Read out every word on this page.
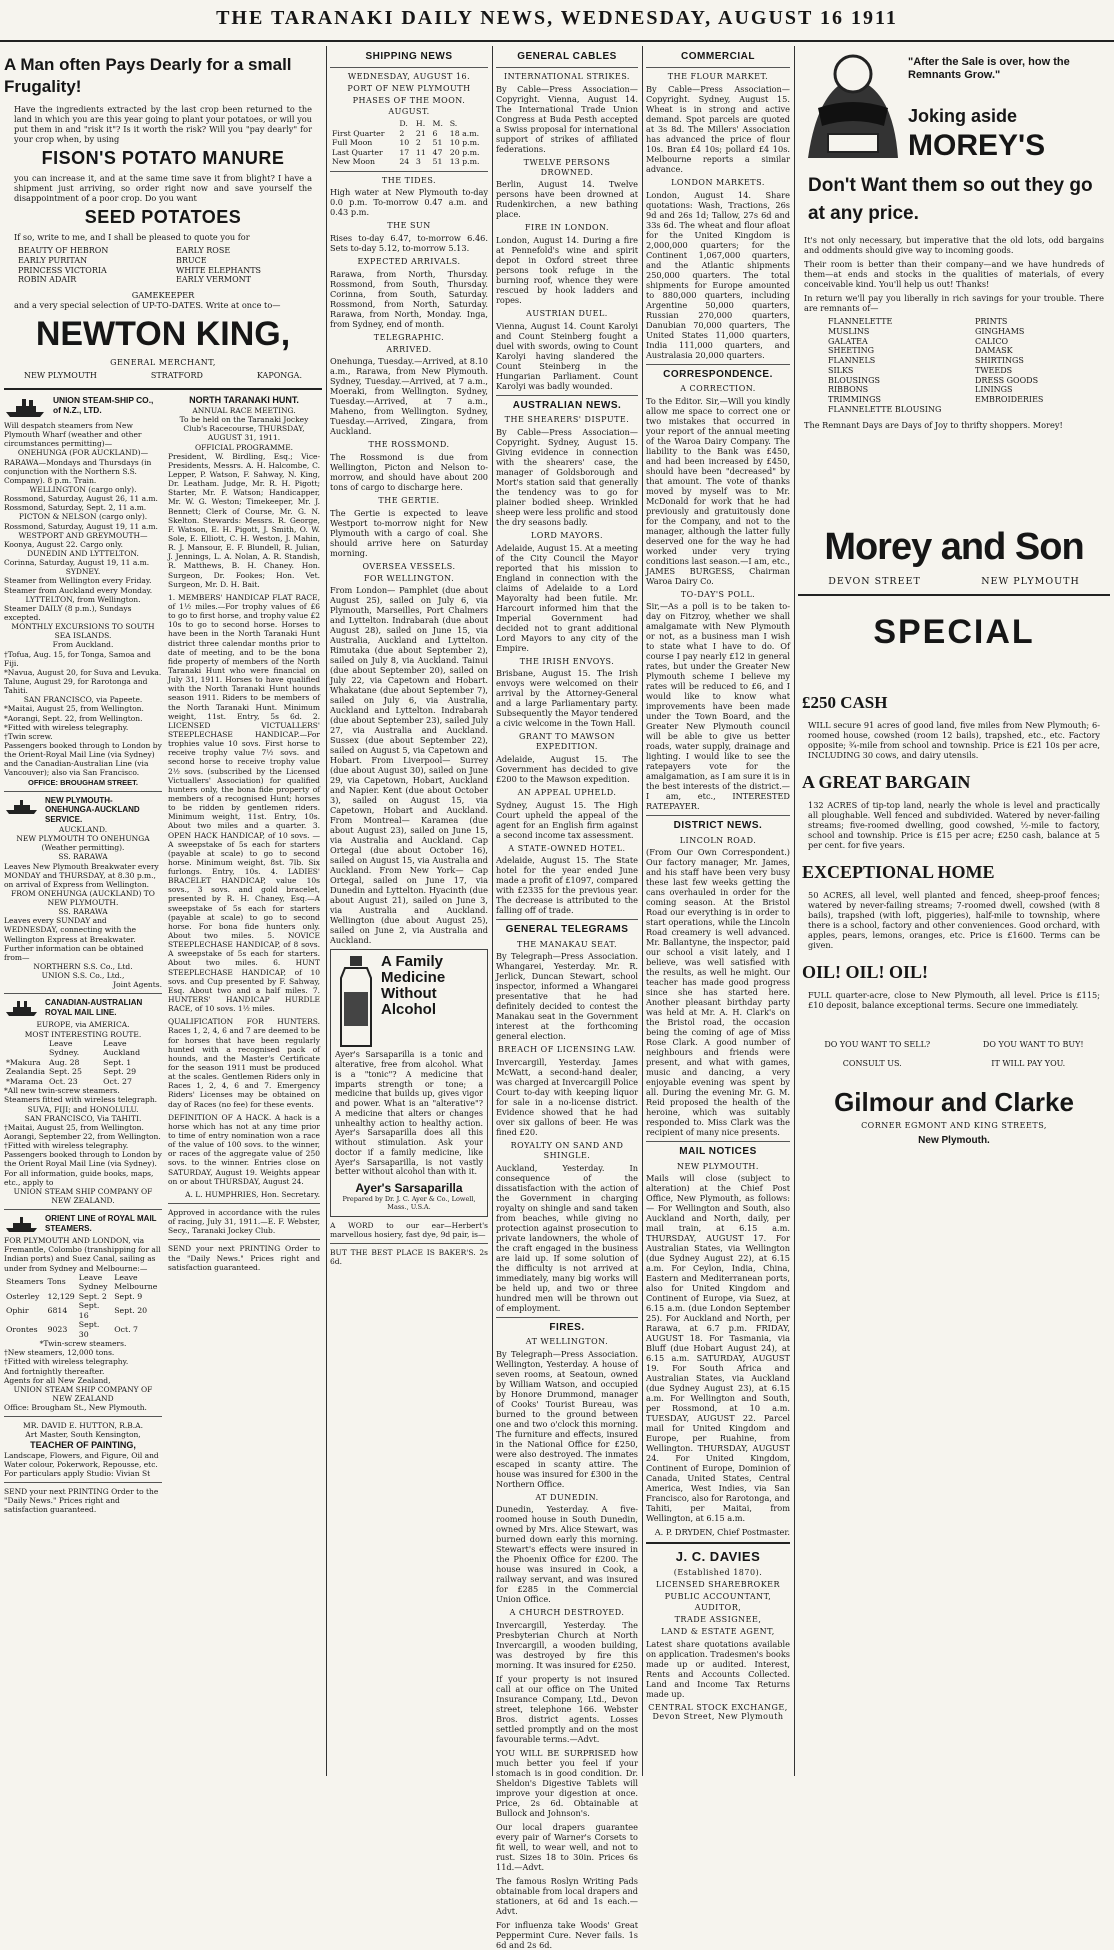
THE TARANAKI DAILY NEWS, WEDNESDAY, AUGUST 16 1911
A Man often Pays Dearly for a small Frugality!

Have the ingredients extracted by the last crop been returned to the land in which you are this year going to plant your potatoes, or will you put them in and "risk it"? Is it worth the risk? Will you "pay dearly" for your crop when, by using

FISON'S POTATO MANURE

you can increase it, and at the same time save it from blight? I have a shipment just arriving, so order right now and save yourself the disappointment of a poor crop. Do you want

SEED POTATOES

If so, write to me, and I shall be pleased to quote you for

BEAUTY OF HEBRON	EARLY ROSE
EARLY PURITAN	BRUCE
PRINCESS VICTORIA	WHITE ELEPHANTS
ROBIN ADAIR	EARLY VERMONT
GAMEKEEPER

and a very special selection of UP-TO-DATES. Write at once to—

NEWTON KING,
GENERAL MERCHANT,
NEW PLYMOUTH	STRATFORD	KAPONGA.
UNION STEAM-SHIP CO., of N.Z., LTD.
Will despatch steamers from New Plymouth Wharf (weather and other circumstances permitting)—
ONEHUNGA (FOR AUCKLAND)—
RARAWA—Mondays and Thursdays (in conjunction with the Northern S.S. Company). 8 p.m. Train.
WELLINGTON (cargo only).
Rossmond, Saturday, August 26, 11 a.m.
Rossmond, Saturday, Sept. 2, 11 a.m.
PICTON & NELSON (cargo only).
Rossmond, Saturday, August 19, 11 a.m.
WESTPORT AND GREYMOUTH—
Koonya, August 22. Cargo only.
DUNEDIN AND LYTTELTON.
Corinna, Saturday, August 19, 11 a.m.
SYDNEY.
Steamer from Wellington every Friday. Steamer from Auckland every Monday.
LYTTELTON, from Wellington.
Steamer DAILY (8 p.m.), Sundays excepted.
MONTHLY EXCURSIONS TO SOUTH SEA ISLANDS.
From Auckland.
†Tofua, Aug. 15, for Tonga, Samoa and Fiji.
*Navua, August 20, for Suva and Levuka.
Talune, August 29, for Rarotonga and Tahiti.
SAN FRANCISCO, via Papeete.
*Maitai, August 25, from Wellington.
*Aorangi, Sept. 22, from Wellington.
*Fitted with wireless telegraphy.
†Twin screw.
Passengers booked through to London by the Orient-Royal Mail Line (via Sydney) and the Canadian-Australian Line (via Vancouver); also via San Francisco.
OFFICE: BROUGHAM STREET.
NEW PLYMOUTH-ONEHUNGA-AUCKLAND SERVICE.
AUCKLAND.
NEW PLYMOUTH TO ONEHUNGA
(Weather permitting).
SS. RARAWA
Leaves New Plymouth Breakwater every MONDAY and THURSDAY, at 8.30 p.m., on arrival of Express from Wellington.
FROM ONEHUNGA (AUCKLAND) TO NEW PLYMOUTH.
SS. RARAWA
Leaves every SUNDAY and WEDNESDAY, connecting with the Wellington Express at Breakwater.
Further information can be obtained from—
NORTHERN S.S. Co., Ltd.
UNION S.S. Co., Ltd.,
Joint Agents.
CANADIAN-AUSTRALIAN ROYAL MAIL LINE.
EUROPE, via AMERICA.
MOST INTERESTING ROUTE.
	Leave Sydney.	Leave Auckland
*Makura	Aug. 28	Sept. 1
Zealandia	Sept. 25	Sept. 29
*Marama	Oct. 23	Oct. 27
*All new twin-screw steamers.
Steamers fitted with wireless telegraph.
SUVA, FIJI; and HONOLULU.
SAN FRANCISCO, Via TAHITI.
†Maitai, August 25, from Wellington.
Aorangi, September 22, from Wellington.
†Fitted with wireless telegraphy.
Passengers booked through to London by the Orient Royal Mail Line (via Sydney).
For all information, guide books, maps, etc., apply to
UNION STEAM SHIP COMPANY OF NEW ZEALAND.
ORIENT LINE of ROYAL MAIL STEAMERS.
FOR PLYMOUTH AND LONDON, via Fremantle, Colombo (transhipping for all Indian ports) and Suez Canal, sailing as under from Sydney and Melbourne:—
Steamers	Tons	Leave Sydney	Leave Melbourne
Osterley	12,129	Sept. 2	Sept. 9
Ophir	6814	Sept. 16	Sept. 20
Orontes	9023	Sept. 30	Oct. 7
*Twin-screw steamers.
†New steamers, 12,000 tons.
†Fitted with wireless telegraphy.
And fortnightly thereafter.
Agents for all New Zealand,
UNION STEAM SHIP COMPANY OF NEW ZEALAND
Office: Brougham St., New Plymouth.
MR. DAVID E. HUTTON, R.B.A.
Art Master, South Kensington,
TEACHER OF PAINTING,
Landscape, Flowers, and Figure, Oil and Water colour, Pokerwork, Repousse, etc.
For particulars apply Studio: Vivian St
SEND your next PRINTING Order to the "Daily News." Prices right and satisfaction guaranteed.
NORTH TARANAKI HUNT.
ANNUAL RACE MEETING.
To be held on the Taranaki Jockey Club's Racecourse, THURSDAY, AUGUST 31, 1911.
OFFICIAL PROGRAMME.

President, W. Birdling, Esq.; Vice-Presidents, Messrs. A. H. Halcombe, C. Lepper, P. Watson, F. Sahway, N. King, Dr. Leatham. Judge, Mr. R. H. Pigott; Starter, Mr. F. Watson; Handicapper, Mr. W. G. Weston; Timekeeper, Mr. J. Bennett; Clerk of Course, Mr. G. N. Skelton. Stewards: Messrs. R. George, F. Watson, E. H. Pigott, J. Smith, O. W. Sole, E. Elliott, C. H. Weston, J. Mahin, R. J. Mansour, E. F. Blundell, R. Julian, J. Jennings, L. A. Nolan, A. R. Standish, R. Matthews, B. H. Chaney. Hon. Surgeon, Dr. Fookes; Hon. Vet. Surgeon, Mr. D. H. Bait.

1. MEMBERS' HANDICAP FLAT RACE, of 1½ miles.—For trophy values of £6 to go to first horse, and trophy value £2 10s to go to second horse. Horses to have been in the North Taranaki Hunt district three calendar months prior to date of meeting, and to be the bona fide property of members of the North Taranaki Hunt who were financial on July 31, 1911. Horses to have qualified with the North Taranaki Hunt hounds season 1911. Riders to be members of the North Taranaki Hunt. Minimum weight, 11st. Entry, 5s 6d. 2. LICENSED VICTUALLERS' STEEPLECHASE HANDICAP.—For trophies value 10 sovs. First horse to receive trophy value 7½ sovs. and second horse to receive trophy value 2½ sovs. (subscribed by the Licensed Victuallers' Association) for qualified hunters only, the bona fide property of members of a recognised Hunt; horses to be ridden by gentlemen riders. Minimum weight, 11st. Entry, 10s. About two miles and a quarter. 3. OPEN HACK HANDICAP, of 10 sovs. —A sweepstake of 5s each for starters (payable at scale) to go to second horse. Minimum weight, 8st. 7lb. Six furlongs. Entry, 10s. 4. LADIES' BRACELET HANDICAP, value 10s sovs., 3 sovs. and gold bracelet, presented by R. H. Chaney, Esq.—A sweepstake of 5s each for starters (payable at scale) to go to second horse. For bona fide hunters only. About two miles. 5. NOVICE STEEPLECHASE HANDICAP, of 8 sovs. A sweepstake of 5s each for starters. About two miles. 6. HUNT STEEPLECHASE HANDICAP, of 10 sovs. and Cup presented by F. Sahway, Esq. About two and a half miles. 7. HUNTERS' HANDICAP HURDLE RACE, of 10 sovs. 1½ miles.

QUALIFICATION FOR HUNTERS. Races 1, 2, 4, 6 and 7 are deemed to be for horses that have been regularly hunted with a recognised pack of hounds, and the Master's Certificate for the season 1911 must be produced at the scales. Gentlemen Riders only in Races 1, 2, 4, 6 and 7. Emergency Riders' Licenses may be obtained on day of Races (no fee) for these events.

DEFINITION OF A HACK. A hack is a horse which has not at any time prior to time of entry nomination won a race of the value of 100 sovs. to the winner, or races of the aggregate value of 250 sovs. to the winner. Entries close on SATURDAY, August 19. Weights appear on or about THURSDAY, August 24.

A. L. HUMPHRIES, Hon. Secretary.

Approved in accordance with the rules of racing, July 31, 1911.—E. F. Webster, Secy., Taranaki Jockey Club.

SEND your next PRINTING Order to the "Daily News." Prices right and satisfaction guaranteed.

SHIPPING NEWS
WEDNESDAY, AUGUST 16.
PORT OF NEW PLYMOUTH
PHASES OF THE MOON.
AUGUST.
	D.	H.	M.	S.
First Quarter	2	21	6	18 a.m.
Full Moon	10	2	51	10 p.m.
Last Quarter	17	11	47	20 p.m.
New Moon	24	3	51	13 p.m.
THE TIDES.

High water at New Plymouth to-day 0.0 p.m. To-morrow 0.47 a.m. and 0.43 p.m.

THE SUN

Rises to-day 6.47, to-morrow 6.46. Sets to-day 5.12, to-morrow 5.13.

EXPECTED ARRIVALS.

Rarawa, from North, Thursday. Rossmond, from South, Thursday. Corinna, from South, Saturday. Rossmond, from North, Saturday. Rarawa, from North, Monday. Inga, from Sydney, end of month.

TELEGRAPHIC.
ARRIVED.

Onehunga, Tuesday.—Arrived, at 8.10 a.m., Rarawa, from New Plymouth. Sydney, Tuesday.—Arrived, at 7 a.m., Moeraki, from Wellington. Sydney, Tuesday.—Arrived, at 7 a.m., Maheno, from Wellington. Sydney, Tuesday.—Arrived, Zingara, from Auckland.

THE ROSSMOND.

The Rossmond is due from Wellington, Picton and Nelson to-morrow, and should have about 200 tons of cargo to discharge here.

THE GERTIE.

The Gertie is expected to leave Westport to-morrow night for New Plymouth with a cargo of coal. She should arrive here on Saturday morning.

OVERSEA VESSELS.
FOR WELLINGTON.

From London— Pamphlet (due about August 25), sailed on July 6, via Plymouth, Marseilles, Port Chalmers and Lyttelton. Indrabarah (due about August 28), sailed on June 15, via Australia, Auckland and Lyttelton. Rimutaka (due about September 2), sailed on July 8, via Auckland. Tainui (due about September 20), sailed on July 22, via Capetown and Hobart. Whakatane (due about September 7), sailed on July 6, via Australia, Auckland and Lyttelton. Indrabarah (due about September 23), sailed July 27, via Australia and Auckland. Sussex (due about September 22), sailed on August 5, via Capetown and Hobart. From Liverpool— Surrey (due about August 30), sailed on June 29, via Capetown, Hobart, Auckland and Napier. Kent (due about October 3), sailed on August 15, via Capetown, Hobart and Auckland. From Montreal— Karamea (due about August 23), sailed on June 15, via Australia and Auckland. Cap Ortegal (due about October 16), sailed on August 15, via Australia and Auckland. From New York— Cap Ortegal, sailed on June 17, via Dunedin and Lyttelton. Hyacinth (due about August 21), sailed on June 3, via Australia and Auckland. Wellington (due about August 25), sailed on June 2, via Australia and Auckland.

A Family Medicine Without Alcohol

Ayer's Sarsaparilla is a tonic and alterative, free from alcohol. What is a "tonic"? A medicine that imparts strength or tone; a medicine that builds up, gives vigor and power. What is an "alterative"? A medicine that alters or changes unhealthy action to healthy action. Ayer's Sarsaparilla does all this without stimulation. Ask your doctor if a family medicine, like Ayer's Sarsaparilla, is not vastly better without alcohol than with it.

Ayer's Sarsaparilla
Prepared by Dr. J. C. Ayer & Co., Lowell, Mass., U.S.A.

A WORD to our ear—Herbert's marvellous hosiery, fast dye, 9d pair, is—

BUT THE BEST PLACE IS BAKER'S. 2s 6d.

GENERAL CABLES
INTERNATIONAL STRIKES.

By Cable—Press Association—Copyright. Vienna, August 14. The International Trade Union Congress at Buda Pesth accepted a Swiss proposal for international support of strikes of affiliated federations.

TWELVE PERSONS DROWNED.

Berlin, August 14. Twelve persons have been drowned at Rudenkirchen, a new bathing place.

FIRE IN LONDON.

London, August 14. During a fire at Pennefold's wine and spirit depot in Oxford street three persons took refuge in the burning roof, whence they were rescued by hook ladders and ropes.

AUSTRIAN DUEL.

Vienna, August 14. Count Karolyi and Count Steinberg fought a duel with swords, owing to Count Karolyi having slandered the Count Steinberg in the Hungarian Parliament. Count Karolyi was badly wounded.

AUSTRALIAN NEWS.
THE SHEARERS' DISPUTE.

By Cable—Press Association—Copyright. Sydney, August 15. Giving evidence in connection with the shearers' case, the manager of Goldsborough and Mort's station said that generally the tendency was to go for plainer bodied sheep. Wrinkled sheep were less prolific and stood the dry seasons badly.

LORD MAYORS.

Adelaide, August 15. At a meeting of the City Council the Mayor reported that his mission to England in connection with the claims of Adelaide to a Lord Mayoralty had been futile. Mr. Harcourt informed him that the Imperial Government had decided not to grant additional Lord Mayors to any city of the Empire.

THE IRISH ENVOYS.

Brisbane, August 15. The Irish envoys were welcomed on their arrival by the Attorney-General and a large Parliamentary party. Subsequently the Mayor tendered a civic welcome in the Town Hall.

GRANT TO MAWSON EXPEDITION.

Adelaide, August 15. The Government has decided to give £200 to the Mawson expedition.

AN APPEAL UPHELD.

Sydney, August 15. The High Court upheld the appeal of the agent for an English firm against a second income tax assessment.

A STATE-OWNED HOTEL.

Adelaide, August 15. The State hotel for the year ended June made a profit of £1097, compared with £2335 for the previous year. The decrease is attributed to the falling off of trade.

GENERAL TELEGRAMS
THE MANAKAU SEAT.

By Telegraph—Press Association. Whangarei, Yesterday. Mr. R. Jerlick, Duncan Stewart, school inspector, informed a Whangarei presentative that he had definitely decided to contest the Manakau seat in the Government interest at the forthcoming general election.

BREACH OF LICENSING LAW.

Invercargill, Yesterday. James McWatt, a second-hand dealer, was charged at Invercargill Police Court to-day with keeping liquor for sale in a no-license district. Evidence showed that he had over six gallons of beer. He was fined £20.

ROYALTY ON SAND AND SHINGLE.

Auckland, Yesterday. In consequence of the dissatisfaction with the action of the Government in charging royalty on shingle and sand taken from beaches, while giving no protection against prosecution to private landowners, the whole of the craft engaged in the business are laid up. If some solution of the difficulty is not arrived at immediately, many big works will be held up, and two or three hundred men will be thrown out of employment.

FIRES.
AT WELLINGTON.

By Telegraph—Press Association. Wellington, Yesterday. A house of seven rooms, at Seatoun, owned by William Watson, and occupied by Honore Drummond, manager of Cooks' Tourist Bureau, was burned to the ground between one and two o'clock this morning. The furniture and effects, insured in the National Office for £250, were also destroyed. The inmates escaped in scanty attire. The house was insured for £300 in the Northern Office.

AT DUNEDIN.

Dunedin, Yesterday. A five-roomed house in South Dunedin, owned by Mrs. Alice Stewart, was burned down early this morning. Stewart's effects were insured in the Phoenix Office for £200. The house was insured in Cook, a railway servant, and was insured for £285 in the Commercial Union Office.

A CHURCH DESTROYED.

Invercargill, Yesterday. The Presbyterian Church at North Invercargill, a wooden building, was destroyed by fire this morning. It was insured for £250.

If your property is not insured call at our office on The United Insurance Company, Ltd., Devon street, telephone 166. Webster Bros. district agents. Losses settled promptly and on the most favourable terms.—Advt.

YOU WILL BE SURPRISED how much better you feel if your stomach is in good condition. Dr. Sheldon's Digestive Tablets will improve your digestion at once. Price, 2s 6d. Obtainable at Bullock and Johnson's.

Our local drapers guarantee every pair of Warner's Corsets to fit well, to wear well, and not to rust. Sizes 18 to 30in. Prices 6s 11d.—Advt.

The famous Roslyn Writing Pads obtainable from local drapers and stationers, at 6d and 1s each.—Advt.

For influenza take Woods' Great Peppermint Cure. Never fails. 1s 6d and 2s 6d.

COMMERCIAL
THE FLOUR MARKET.

By Cable—Press Association—Copyright. Sydney, August 15. Wheat is in strong and active demand. Spot parcels are quoted at 3s 8d. The Millers' Association has advanced the price of flour 10s. Bran £4 10s; pollard £4 10s. Melbourne reports a similar advance.

LONDON MARKETS.

London, August 14. Share quotations: Wash, Tractions, 26s 9d and 26s 1d; Tallow, 27s 6d and 33s 6d. The wheat and flour afloat for the United Kingdom is 2,000,000 quarters; for the Continent 1,067,000 quarters, and the Atlantic shipments 250,000 quarters. The total shipments for Europe amounted to 880,000 quarters, including Argentine 50,000 quarters, Russian 270,000 quarters, Danubian 70,000 quarters, The United States 11,000 quarters, India 111,000 quarters, and Australasia 20,000 quarters.

CORRESPONDENCE.
A CORRECTION.

To the Editor. Sir,—Will you kindly allow me space to correct one or two mistakes that occurred in your report of the annual meeting of the Waroa Dairy Company. The liability to the Bank was £450, and had been increased by £450, should have been "decreased" by that amount. The vote of thanks moved by myself was to Mr. McDonald for work that he had previously and gratuitously done for the Company, and not to the manager, although the latter fully deserved one for the way he had worked under very trying conditions last season.—I am, etc., JAMES BURGESS, Chairman Waroa Dairy Co.

TO-DAY'S POLL.

Sir,—As a poll is to be taken to-day on Fitzroy, whether we shall amalgamate with New Plymouth or not, as a business man I wish to state what I have to do. Of course I pay nearly £12 in general rates, but under the Greater New Plymouth scheme I believe my rates will be reduced to £6, and I would like to know what improvements have been made under the Town Board, and the Greater New Plymouth council will be able to give us better roads, water supply, drainage and lighting. I would like to see the ratepayers vote for the amalgamation, as I am sure it is in the best interests of the district.—I am, etc., INTERESTED RATEPAYER.

DISTRICT NEWS.
LINCOLN ROAD.

(From Our Own Correspondent.) Our factory manager, Mr. James, and his staff have been very busy these last few weeks getting the cans overhauled in order for the coming season. At the Bristol Road our everything is in order to start operations, while the Lincoln Road creamery is well advanced. Mr. Ballantyne, the inspector, paid our school a visit lately, and I believe, was well satisfied with the results, as well he might. Our teacher has made good progress since she has started here. Another pleasant birthday party was held at Mr. A. H. Clark's on the Bristol road, the occasion being the coming of age of Miss Rose Clark. A good number of neighbours and friends were present, and what with games, music and dancing, a very enjoyable evening was spent by all. During the evening Mr. G. M. Reid proposed the health of the heroine, which was suitably responded to. Miss Clark was the recipient of many nice presents.

MAIL NOTICES
NEW PLYMOUTH.

Mails will close (subject to alteration) at the Chief Post Office, New Plymouth, as follows:— For Wellington and South, also Auckland and North, daily, per mail train, at 6.15 a.m. THURSDAY, AUGUST 17. For Australian States, via Wellington (due Sydney August 22), at 6.15 a.m. For Ceylon, India, China, Eastern and Mediterranean ports, also for United Kingdom and Continent of Europe, via Suez, at 6.15 a.m. (due London September 25). For Auckland and North, per Rarawa, at 6.7 p.m. FRIDAY, AUGUST 18. For Tasmania, via Bluff (due Hobart August 24), at 6.15 a.m. SATURDAY, AUGUST 19. For South Africa and Australian States, via Auckland (due Sydney August 23), at 6.15 a.m. For Wellington and South, per Rossmond, at 10 a.m. TUESDAY, AUGUST 22. Parcel mail for United Kingdom and Europe, per Ruahine, from Wellington. THURSDAY, AUGUST 24. For United Kingdom, Continent of Europe, Dominion of Canada, United States, Central America, West Indies, via San Francisco, also for Rarotonga, and Tahiti, per Maitai, from Wellington, at 6.15 a.m.

A. P. DRYDEN, Chief Postmaster.
J. C. DAVIES
(Established 1870).
LICENSED SHAREBROKER
PUBLIC ACCOUNTANT,
AUDITOR,
TRADE ASSIGNEE,
LAND & ESTATE AGENT,

Latest share quotations available on application. Tradesmen's books made up or audited. Interest, Rents and Accounts Collected. Land and Income Tax Returns made up.

CENTRAL STOCK EXCHANGE, Devon Street, New Plymouth
"After the Sale is over, how the Remnants Grow."
Joking aside
MOREY'S
Don't Want them so out they go at any price.

It's not only necessary, but imperative that the old lots, odd bargains and oddments should give way to incoming goods.

Their room is better than their company—and we have hundreds of them—at ends and stocks in the qualities of materials, of every conceivable kind. You'll help us out! Thanks!

In return we'll pay you liberally in rich savings for your trouble. There are remnants of—

FLANNELETTE	PRINTS
MUSLINS	GINGHAMS
GALATEA	CALICO
SHEETING	DAMASK
FLANNELS	SHIRTINGS
SILKS	TWEEDS
BLOUSINGS	DRESS GOODS
RIBBONS	LININGS
TRIMMINGS	EMBROIDERIES
FLANNELETTE BLOUSING

The Remnant Days are Days of Joy to thrifty shoppers. Morey!

Morey and Son
DEVON STREET	NEW PLYMOUTH
SPECIAL
£250 CASH

WILL secure 91 acres of good land, five miles from New Plymouth; 6-roomed house, cowshed (room 12 bails), trapshed, etc., etc. Factory opposite; ¾-mile from school and township. Price is £21 10s per acre, INCLUDING 30 cows, and dairy utensils.

A GREAT BARGAIN

132 ACRES of tip-top land, nearly the whole is level and practically all ploughable. Well fenced and subdivided. Watered by never-failing streams; five-roomed dwelling, good cowshed, ½-mile to factory, school and township. Price is £15 per acre; £250 cash, balance at 5 per cent. for five years.

EXCEPTIONAL HOME

50 ACRES, all level, well planted and fenced, sheep-proof fences; watered by never-failing streams; 7-roomed dwell, cowshed (with 8 bails), trapshed (with loft, piggeries), half-mile to township, where there is a school, factory and other conveniences. Good orchard, with apples, pears, lemons, oranges, etc. Price is £1600. Terms can be given.

OIL! OIL! OIL!

FULL quarter-acre, close to New Plymouth, all level. Price is £115; £10 deposit, balance exceptional terms. Secure one immediately.

DO YOU WANT TO SELL?	DO YOU WANT TO BUY!
CONSULT US.	IT WILL PAY YOU.
Gilmour and Clarke
CORNER EGMONT AND KING STREETS,
New Plymouth.
